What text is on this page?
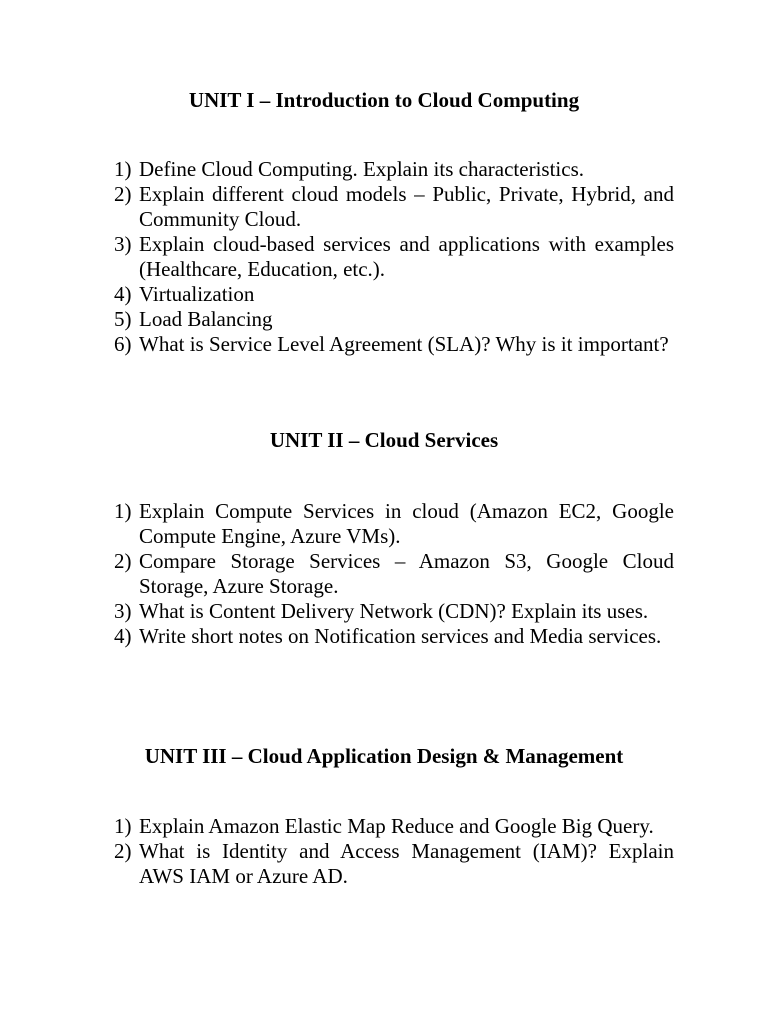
UNIT I – Introduction to Cloud Computing
1) Define Cloud Computing. Explain its characteristics.
2) Explain different cloud models – Public, Private, Hybrid, and Community Cloud.
3) Explain cloud-based services and applications with examples (Healthcare, Education, etc.).
4) Virtualization
5) Load Balancing
6) What is Service Level Agreement (SLA)? Why is it important?
UNIT II – Cloud Services
1) Explain Compute Services in cloud (Amazon EC2, Google Compute Engine, Azure VMs).
2) Compare Storage Services – Amazon S3, Google Cloud Storage, Azure Storage.
3) What is Content Delivery Network (CDN)? Explain its uses.
4) Write short notes on Notification services and Media services.
UNIT III – Cloud Application Design & Management
1) Explain Amazon Elastic Map Reduce and Google Big Query.
2) What is Identity and Access Management (IAM)? Explain AWS IAM or Azure AD.
